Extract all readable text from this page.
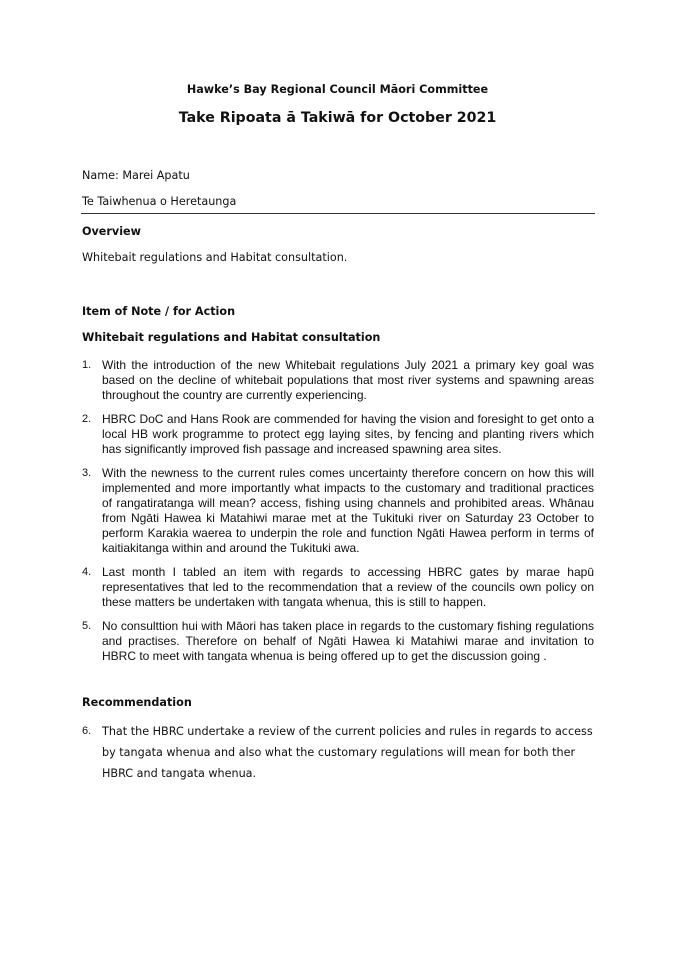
Hawke’s Bay Regional Council Māori Committee
Take Ripoata ā Takiwā for October 2021
Name: Marei Apatu
Te Taiwhenua o Heretaunga
Overview
Whitebait regulations and Habitat consultation.
Item of Note / for Action
Whitebait regulations and Habitat consultation
1. With the introduction of the new Whitebait regulations July 2021 a primary key goal was based on the decline of whitebait populations that most river systems and spawning areas throughout the country are currently experiencing.
2. HBRC DoC and Hans Rook are commended for having the vision and foresight to get onto a local HB work programme to protect egg laying sites, by fencing and planting rivers which has significantly improved fish passage and increased spawning area sites.
3. With the newness to the current rules comes uncertainty therefore concern on how this will implemented and more importantly what impacts to the customary and traditional practices of rangatiratanga will mean? access, fishing using channels and prohibited areas. Whānau from Ngāti Hawea ki Matahiwi marae met at the Tukituki river on Saturday 23 October to perform Karakia waerea to underpin the role and function Ngāti Hawea perform in terms of kaitiakitanga within and around the Tukituki awa.
4. Last month I tabled an item with regards to accessing HBRC gates by marae hapū representatives that led to the recommendation that a review of the councils own policy on these matters be undertaken with tangata whenua, this is still to happen.
5. No consulttion hui with Māori has taken place in regards to the customary fishing regulations and practises. Therefore on behalf of Ngāti Hawea ki Matahiwi marae and invitation to HBRC to meet with tangata whenua is being offered up to get the discussion going .
Recommendation
6. That the HBRC undertake a review of the current policies and rules in regards to access by tangata whenua and also what the customary regulations will mean for both ther HBRC and tangata whenua.
